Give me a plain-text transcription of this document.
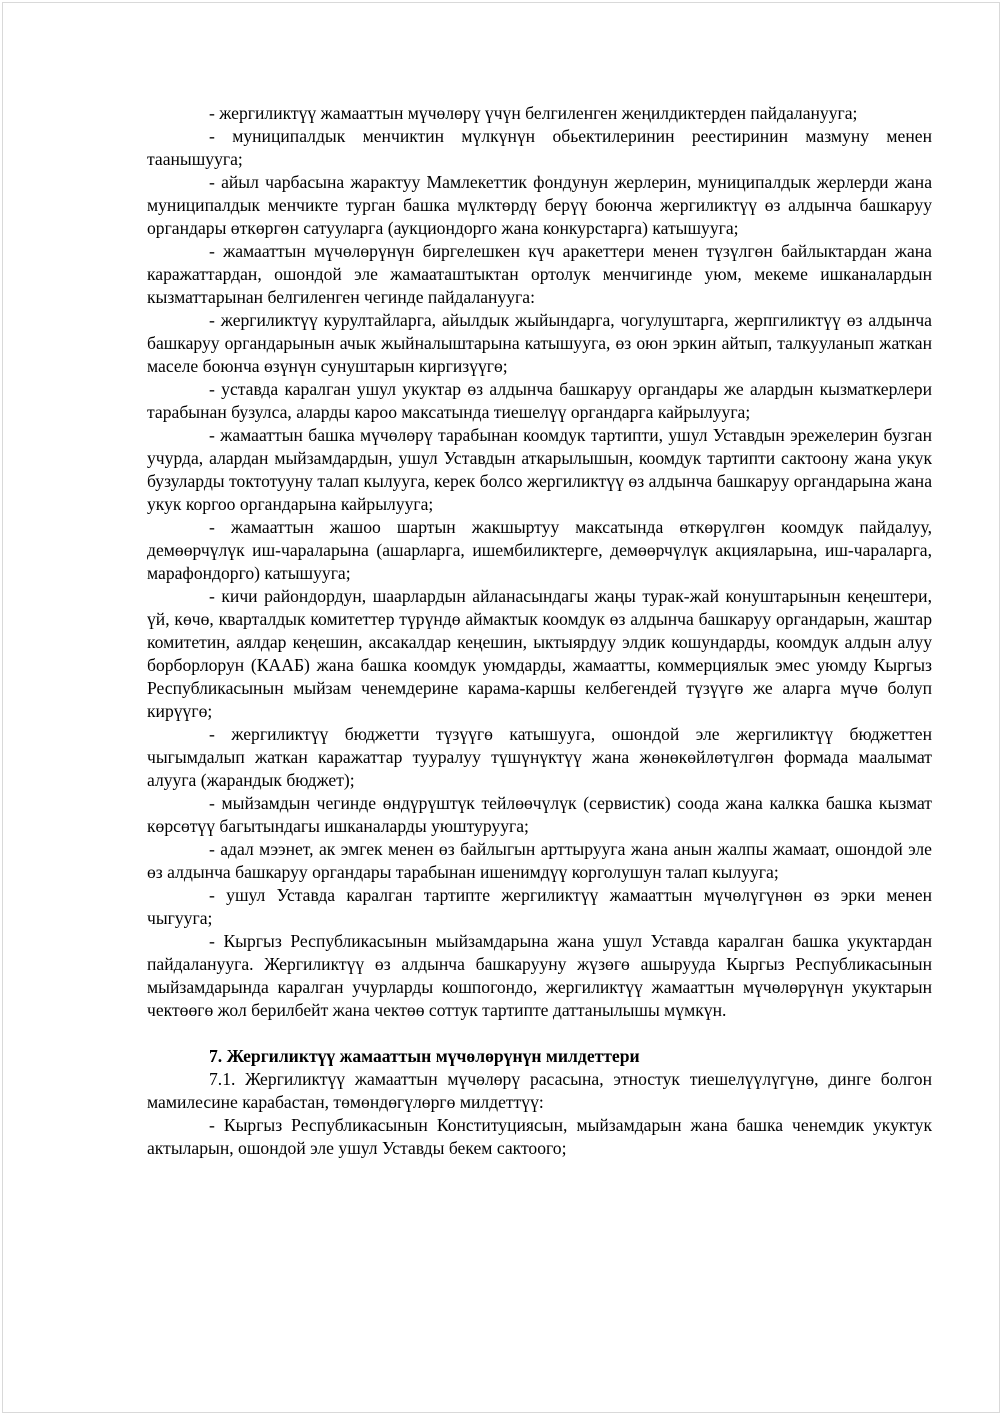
- жергиликтүү жамааттын мүчөлөрү үчүн белгиленген жеңилдиктерден пайдаланууга;

- муниципалдык менчиктин мүлкүнүн обьектилеринин реестиринин мазмуну менен таанышууга;

- айыл чарбасына жарактуу Мамлекеттик фондунун жерлерин, муниципалдык жерлерди жана муниципалдык менчикте турган башка мүлктөрдү берүү боюнча жергиликтүү өз алдынча башкаруу органдары өткөргөн сатууларга (аукциондорго жана конкурстарга) катышууга;

- жамааттын мүчөлөрүнүн биргелешкен күч аракеттери менен түзүлгөн байлыктардан жана каражаттардан, ошондой эле жамааташтыктан ортолук менчигинде уюм, мекеме ишканалардын кызматтарынан белгиленген чегинде пайдаланууга:

- жергиликтүү курултайларга, айылдык жыйындарга, чогулуштарга, жерпгиликтүү өз алдынча башкаруу органдарынын ачык жыйналыштарына катышууга, өз оюн эркин айтып, талкууланып жаткан маселе боюнча өзүнүн сунуштарын киргизүүгө;

- уставда каралган ушул укуктар өз алдынча башкаруу органдары же алардын кызматкерлери тарабынан бузулса, аларды кароо максатында тиешелүү органдарга кайрылууга;

- жамааттын башка мүчөлөрү тарабынан коомдук тартипти, ушул Уставдын эрежелерин бузган учурда, алардан мыйзамдардын, ушул Уставдын аткарылышын, коомдук тартипти сактоону жана укук бузуларды токтотууну талап кылууга, керек болсо жергиликтүү өз алдынча башкаруу органдарына жана укук коргоо органдарына кайрылууга;

- жамааттын жашоо шартын жакшыртуу максатында өткөрүлгөн коомдук пайдалуу, демөөрчүлүк иш-чараларына (ашарларга, ишембиликтерге, демөөрчүлүк акцияларына, иш-чараларга, марафондорго) катышууга;

- кичи райондордун, шаарлардын айланасындагы жаңы турак-жай конуштарынын кеңештери, үй, көчө, кварталдык комитеттер түрүндө аймактык коомдук өз алдынча башкаруу органдарын, жаштар комитетин, аялдар кеңешин, аксакалдар кеңешин, ыктыярдуу элдик кошундарды, коомдук алдын алуу борборлорун (КААБ) жана башка коомдук уюмдарды, жамаатты, коммерциялык эмес уюмду Кыргыз Республикасынын мыйзам ченемдерине карама-каршы келбегендей түзүүгө же аларга мүчө болуп кирүүгө;

- жергиликтүү бюджетти түзүүгө катышууга, ошондой эле жергиликтүү бюджеттен чыгымдалып жаткан каражаттар тууралуу түшүнүктүү жана жөнөкөйлөтүлгөн формада маалымат алууга (жарандык бюджет);

- мыйзамдын чегинде өндүрүштүк тейлөөчүлүк (сервистик) соода жана калкка башка кызмат көрсөтүү багытындагы ишканаларды уюштурууга;

- адал мээнет, ак эмгек менен өз байлыгын арттырууга жана анын жалпы жамаат, ошондой эле өз алдынча башкаруу органдары тарабынан ишенимдүү корголушун талап кылууга;

- ушул Уставда каралган тартипте жергиликтүү жамааттын мүчөлүгүнөн өз эрки менен чыгууга;

- Кыргыз Республикасынын мыйзамдарына жана ушул Уставда каралган башка укуктардан пайдаланууга. Жергиликтүү өз алдынча башкарууну жүзөгө ашырууда Кыргыз Республикасынын мыйзамдарында каралган учурларды кошпогондо, жергиликтүү жамааттын мүчөлөрүнүн укуктарын чектөөгө жол берилбейт жана чектөө соттук тартипте даттанылышы мүмкүн.

7. Жергиликтүү жамааттын мүчөлөрүнүн милдеттери

7.1. Жергиликтүү жамааттын мүчөлөрү расасына, этностук тиешелүүлүгүнө, динге болгон мамилесине карабастан, төмөндөгүлөргө милдеттүү:

- Кыргыз Республикасынын Конституциясын, мыйзамдарын жана башка ченемдик укуктук актыларын, ошондой эле ушул Уставды бекем сактоого;
